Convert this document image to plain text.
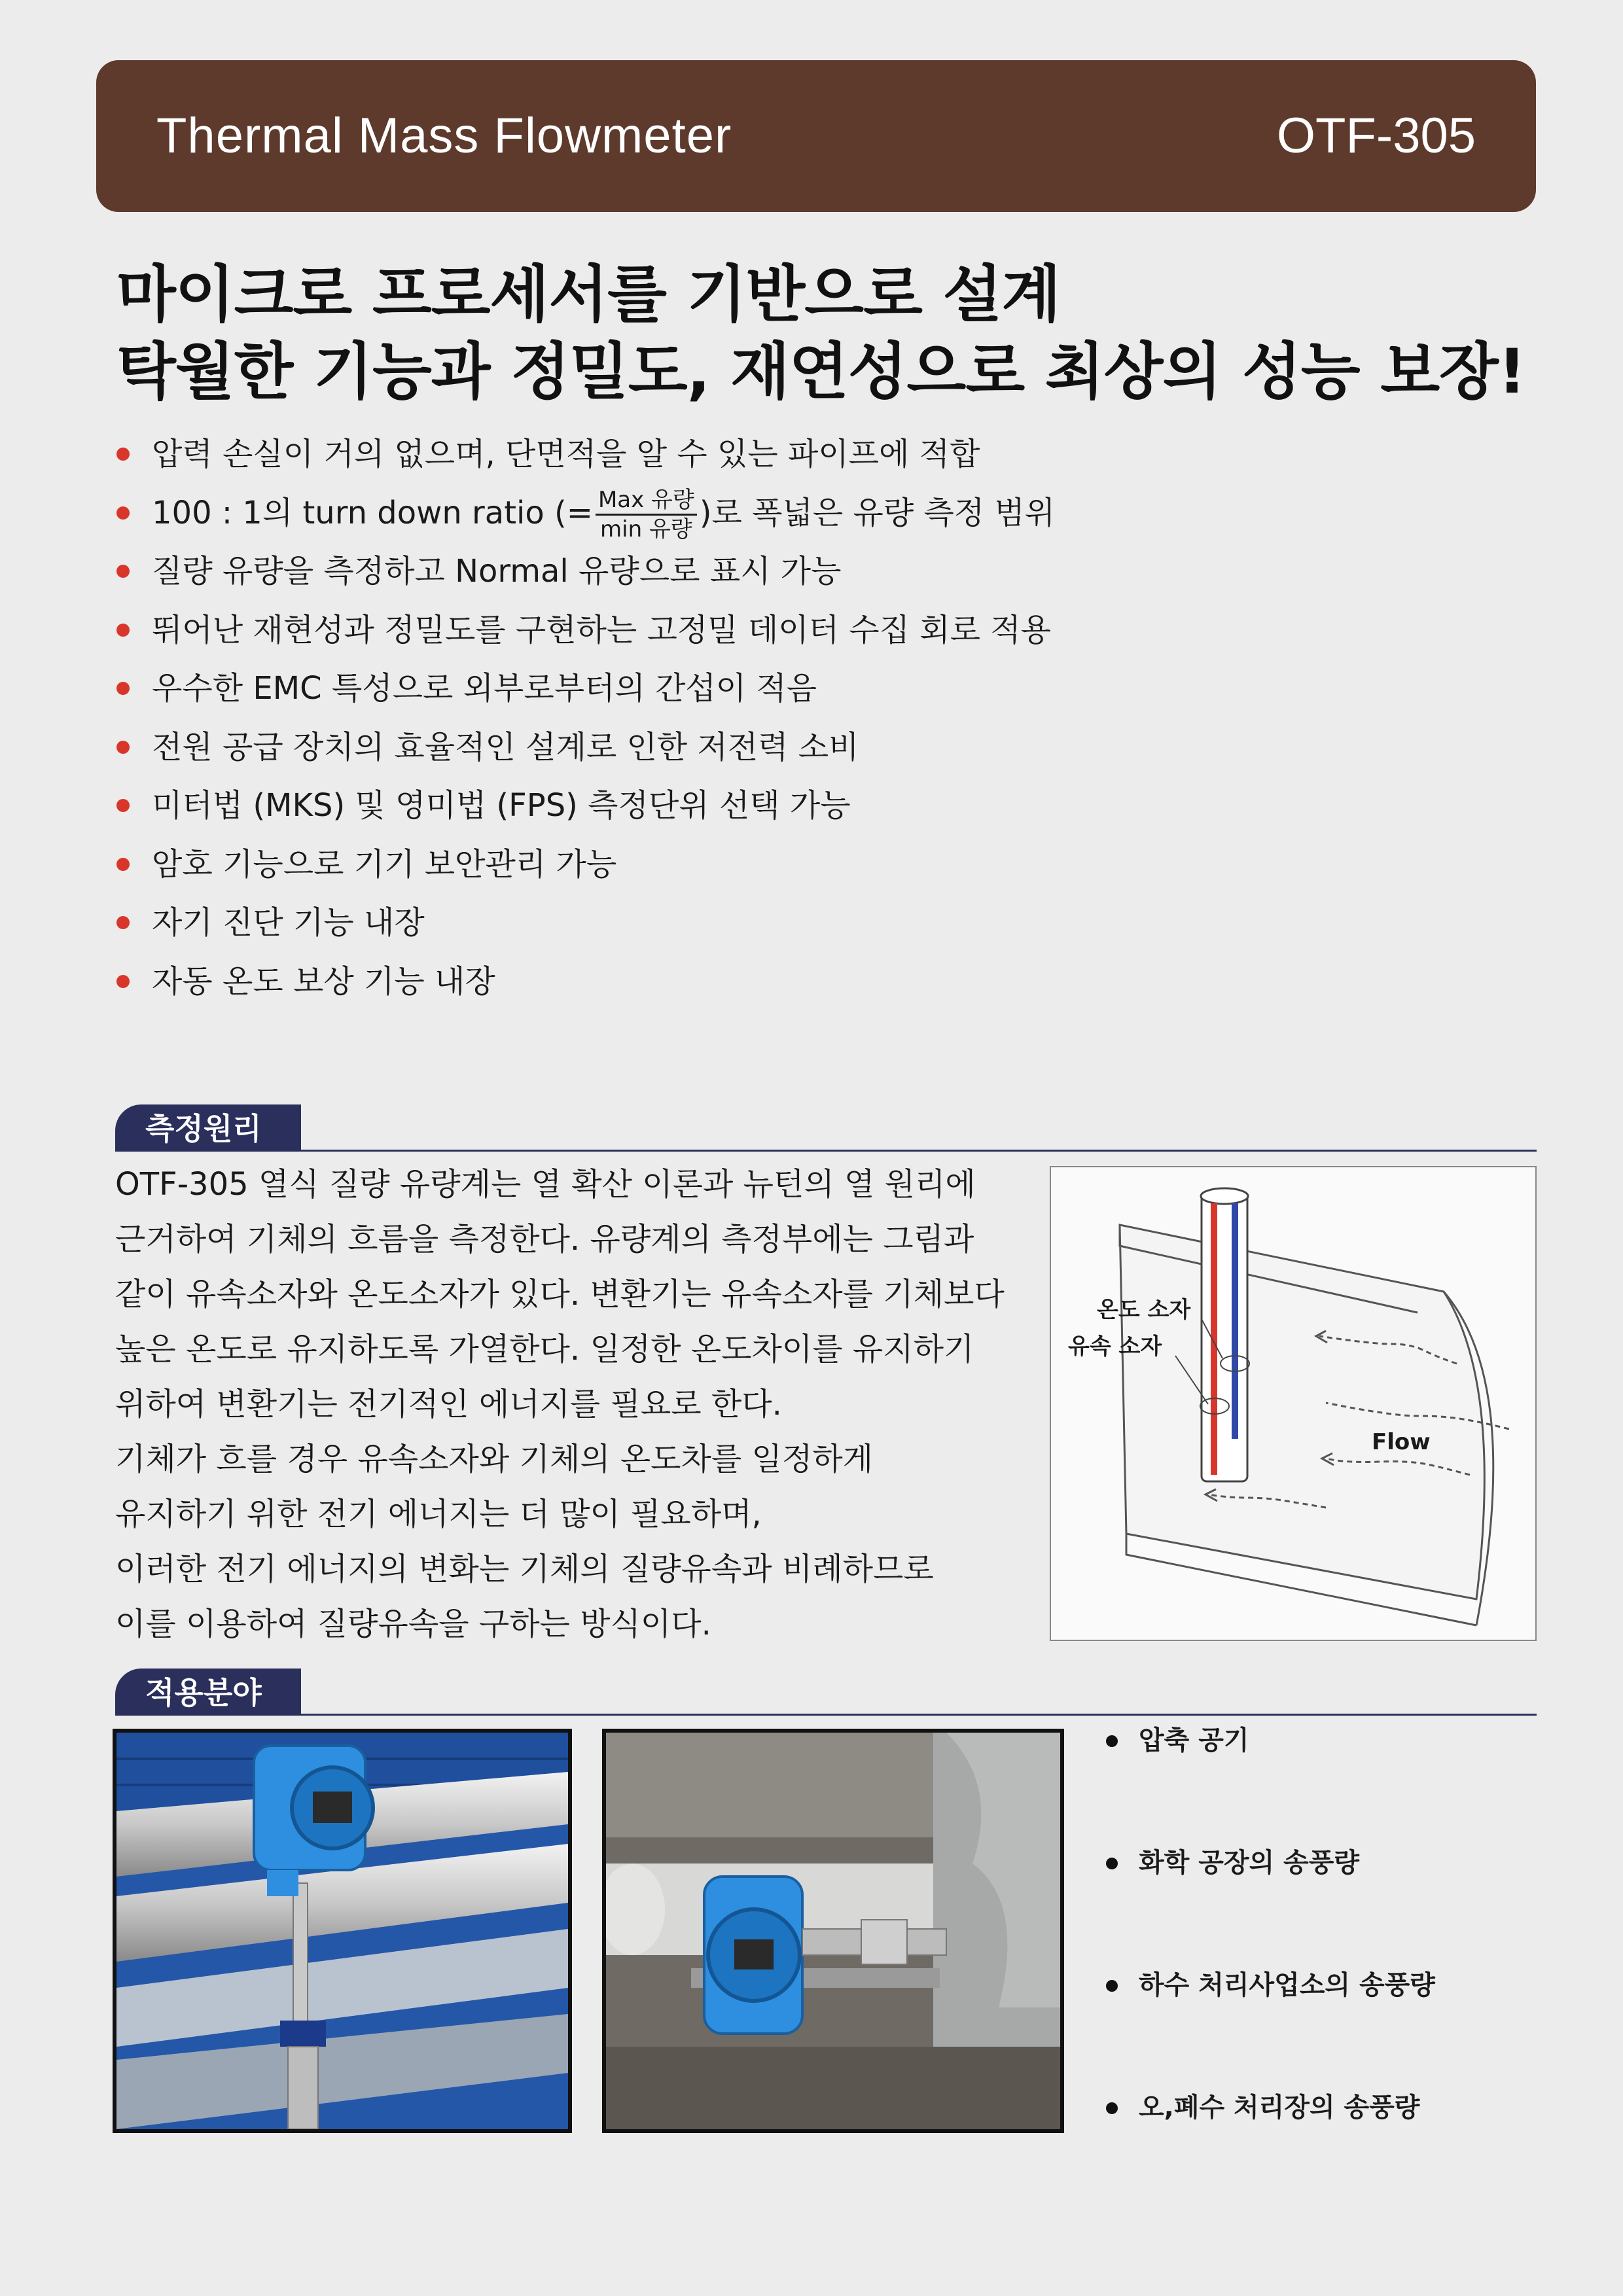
Thermal Mass Flowmeter	OTF-305
마이크로 프로세서를 기반으로 설계
탁월한 기능과 정밀도, 재연성으로 최상의 성능 보장!
압력 손실이 거의 없으며, 단면적을 알 수 있는 파이프에 적합
100 : 1의 turn down ratio (= $\frac{\text{Max 유량}}{\text{min 유량}}$ )로 폭넓은 유량 측정 범위
질량 유량을 측정하고 Normal 유량으로 표시 가능
뛰어난 재현성과 정밀도를 구현하는 고정밀 데이터 수집 회로 적용
우수한 EMC 특성으로 외부로부터의 간섭이 적음
전원 공급 장치의 효율적인 설계로 인한 저전력 소비
미터법 (MKS) 및 영미법 (FPS) 측정단위 선택 가능
암호 기능으로 기기 보안관리 가능
자기 진단 기능 내장
자동 온도 보상 기능 내장
측정원리

OTF-305 열식 질량 유량계는 열 확산 이론과 뉴턴의 열 원리에

근거하여 기체의 흐름을 측정한다. 유량계의 측정부에는 그림과

같이 유속소자와 온도소자가 있다. 변환기는 유속소자를 기체보다

높은 온도로 유지하도록 가열한다. 일정한 온도차이를 유지하기

위하여 변환기는 전기적인 에너지를 필요로 한다.

기체가 흐를 경우 유속소자와 기체의 온도차를 일정하게

유지하기 위한 전기 에너지는 더 많이 필요하며,

이러한 전기 에너지의 변화는 기체의 질량유속과 비례하므로

이를 이용하여 질량유속을 구하는 방식이다.

온도 소자
유속 소자
Flow
적용분야
압축 공기
화학 공장의 송풍량
하수 처리사업소의 송풍량
오,폐수 처리장의 송풍량
